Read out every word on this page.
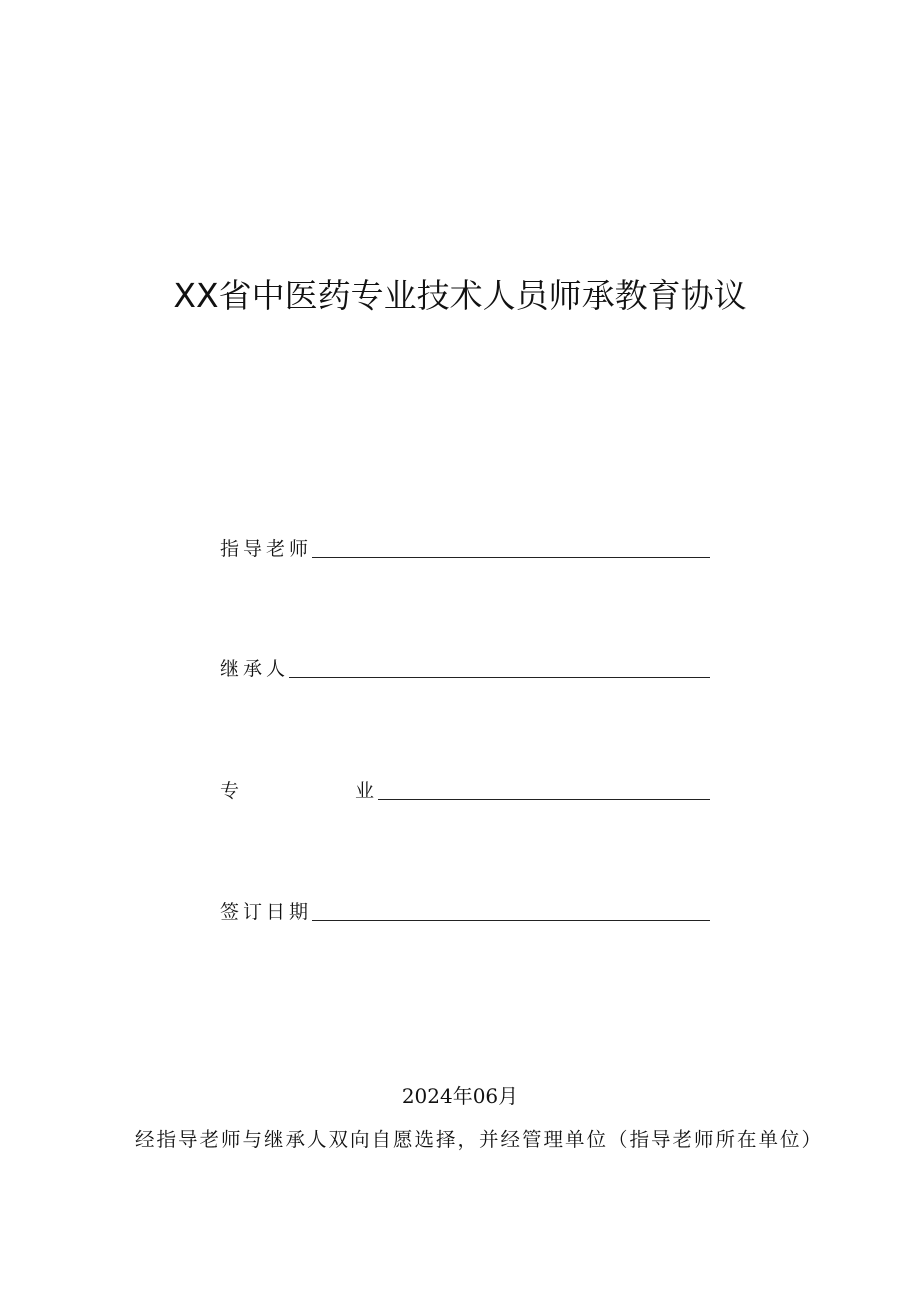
XX省中医药专业技术人员师承教育协议
指导老师
继承人
专	业
签订日期
2024年06月
经指导老师与继承人双向自愿选择，并经管理单位（指导老师所在单位）
